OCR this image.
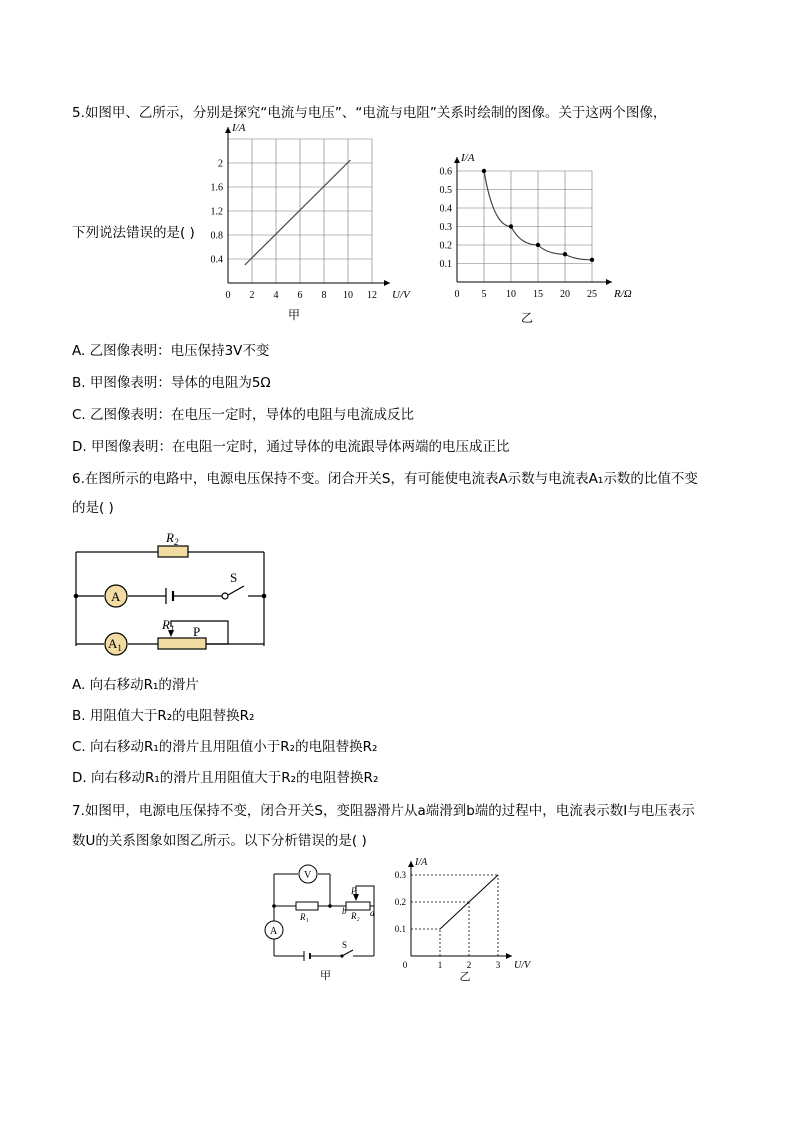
5.如图甲、乙所示，分别是探究“电流与电压”、“电流与电阻”关系时绘制的图像。关于这两个图像，
下列说法错误的是( )
0 2 4 6 8 10 12
0.4
0.8
1.2
1.6
2
I/A
U/V
甲
0 5 10 15 20 25
0.1
0.2
0.3
0.4
0.5
0.6
I/A
R/Ω
乙
A. 乙图像表明：电压保持3V不变
B. 甲图像表明：导体的电阻为5Ω
C. 乙图像表明：在电压一定时，导体的电阻与电流成反比
D. 甲图像表明：在电阻一定时，通过导体的电流跟导体两端的电压成正比
6.在图所示的电路中，电源电压保持不变。闭合开关S，有可能使电流表A示数与电流表A₁示数的比值不变
的是( )
$R_2$
A
S
$A_1$
$R_1$ P
A. 向右移动R₁的滑片
B. 用阻值大于R₂的电阻替换R₂
C. 向右移动R₁的滑片且用阻值小于R₂的电阻替换R₂
D. 向右移动R₁的滑片且用阻值大于R₂的电阻替换R₂
7.如图甲，电源电压保持不变，闭合开关S，变阻器滑片从a端滑到b端的过程中，电流表示数I与电压表示
数U的关系图象如图乙所示。以下分析错误的是( )
V
A
R₁
P
R₂
b	a
S
甲
0	1	2	3
0.1
0.2
0.3
I/A
U/V
乙
